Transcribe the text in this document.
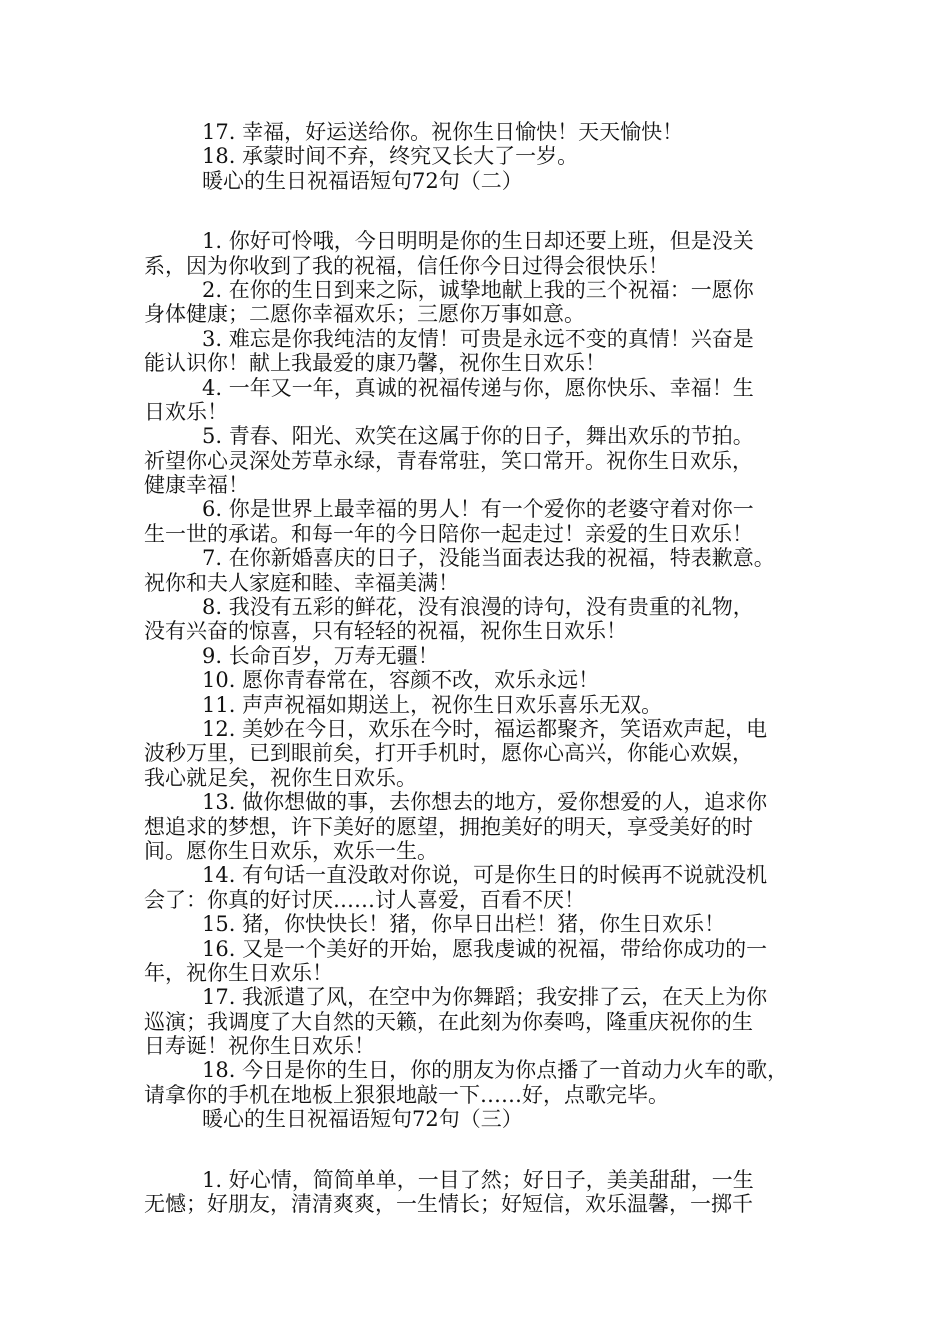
17. 幸福，好运送给你。祝你生日愉快！天天愉快！
18. 承蒙时间不弃，终究又长大了一岁。
暖心的生日祝福语短句72句（二）
1. 你好可怜哦，今日明明是你的生日却还要上班，但是没关
系，因为你收到了我的祝福，信任你今日过得会很快乐！
2. 在你的生日到来之际，诚挚地献上我的三个祝福：一愿你
身体健康；二愿你幸福欢乐；三愿你万事如意。
3. 难忘是你我纯洁的友情！可贵是永远不变的真情！兴奋是
能认识你！献上我最爱的康乃馨，祝你生日欢乐！
4. 一年又一年，真诚的祝福传递与你，愿你快乐、幸福！生
日欢乐！
5. 青春、阳光、欢笑在这属于你的日子，舞出欢乐的节拍。
祈望你心灵深处芳草永绿，青春常驻，笑口常开。祝你生日欢乐，
健康幸福！
6. 你是世界上最幸福的男人！有一个爱你的老婆守着对你一
生一世的承诺。和每一年的今日陪你一起走过！亲爱的生日欢乐！
7. 在你新婚喜庆的日子，没能当面表达我的祝福，特表歉意。
祝你和夫人家庭和睦、幸福美满！
8. 我没有五彩的鲜花，没有浪漫的诗句，没有贵重的礼物，
没有兴奋的惊喜，只有轻轻的祝福，祝你生日欢乐！
9. 长命百岁，万寿无疆！
10. 愿你青春常在，容颜不改，欢乐永远！
11. 声声祝福如期送上，祝你生日欢乐喜乐无双。
12. 美妙在今日，欢乐在今时，福运都聚齐，笑语欢声起，电
波秒万里，已到眼前矣，打开手机时，愿你心高兴，你能心欢娱，
我心就足矣，祝你生日欢乐。
13. 做你想做的事，去你想去的地方，爱你想爱的人，追求你
想追求的梦想，许下美好的愿望，拥抱美好的明天，享受美好的时
间。愿你生日欢乐，欢乐一生。
14. 有句话一直没敢对你说，可是你生日的时候再不说就没机
会了：你真的好讨厌……讨人喜爱，百看不厌！
15. 猪，你快快长！猪，你早日出栏！猪，你生日欢乐！
16. 又是一个美好的开始，愿我虔诚的祝福，带给你成功的一
年，祝你生日欢乐！
17. 我派遣了风，在空中为你舞蹈；我安排了云，在天上为你
巡演；我调度了大自然的天籁，在此刻为你奏鸣，隆重庆祝你的生
日寿诞！祝你生日欢乐！
18. 今日是你的生日，你的朋友为你点播了一首动力火车的歌，
请拿你的手机在地板上狠狠地敲一下……好，点歌完毕。
暖心的生日祝福语短句72句（三）
1. 好心情，简简单单，一目了然；好日子，美美甜甜，一生
无憾；好朋友，清清爽爽，一生情长；好短信，欢乐温馨，一掷千
